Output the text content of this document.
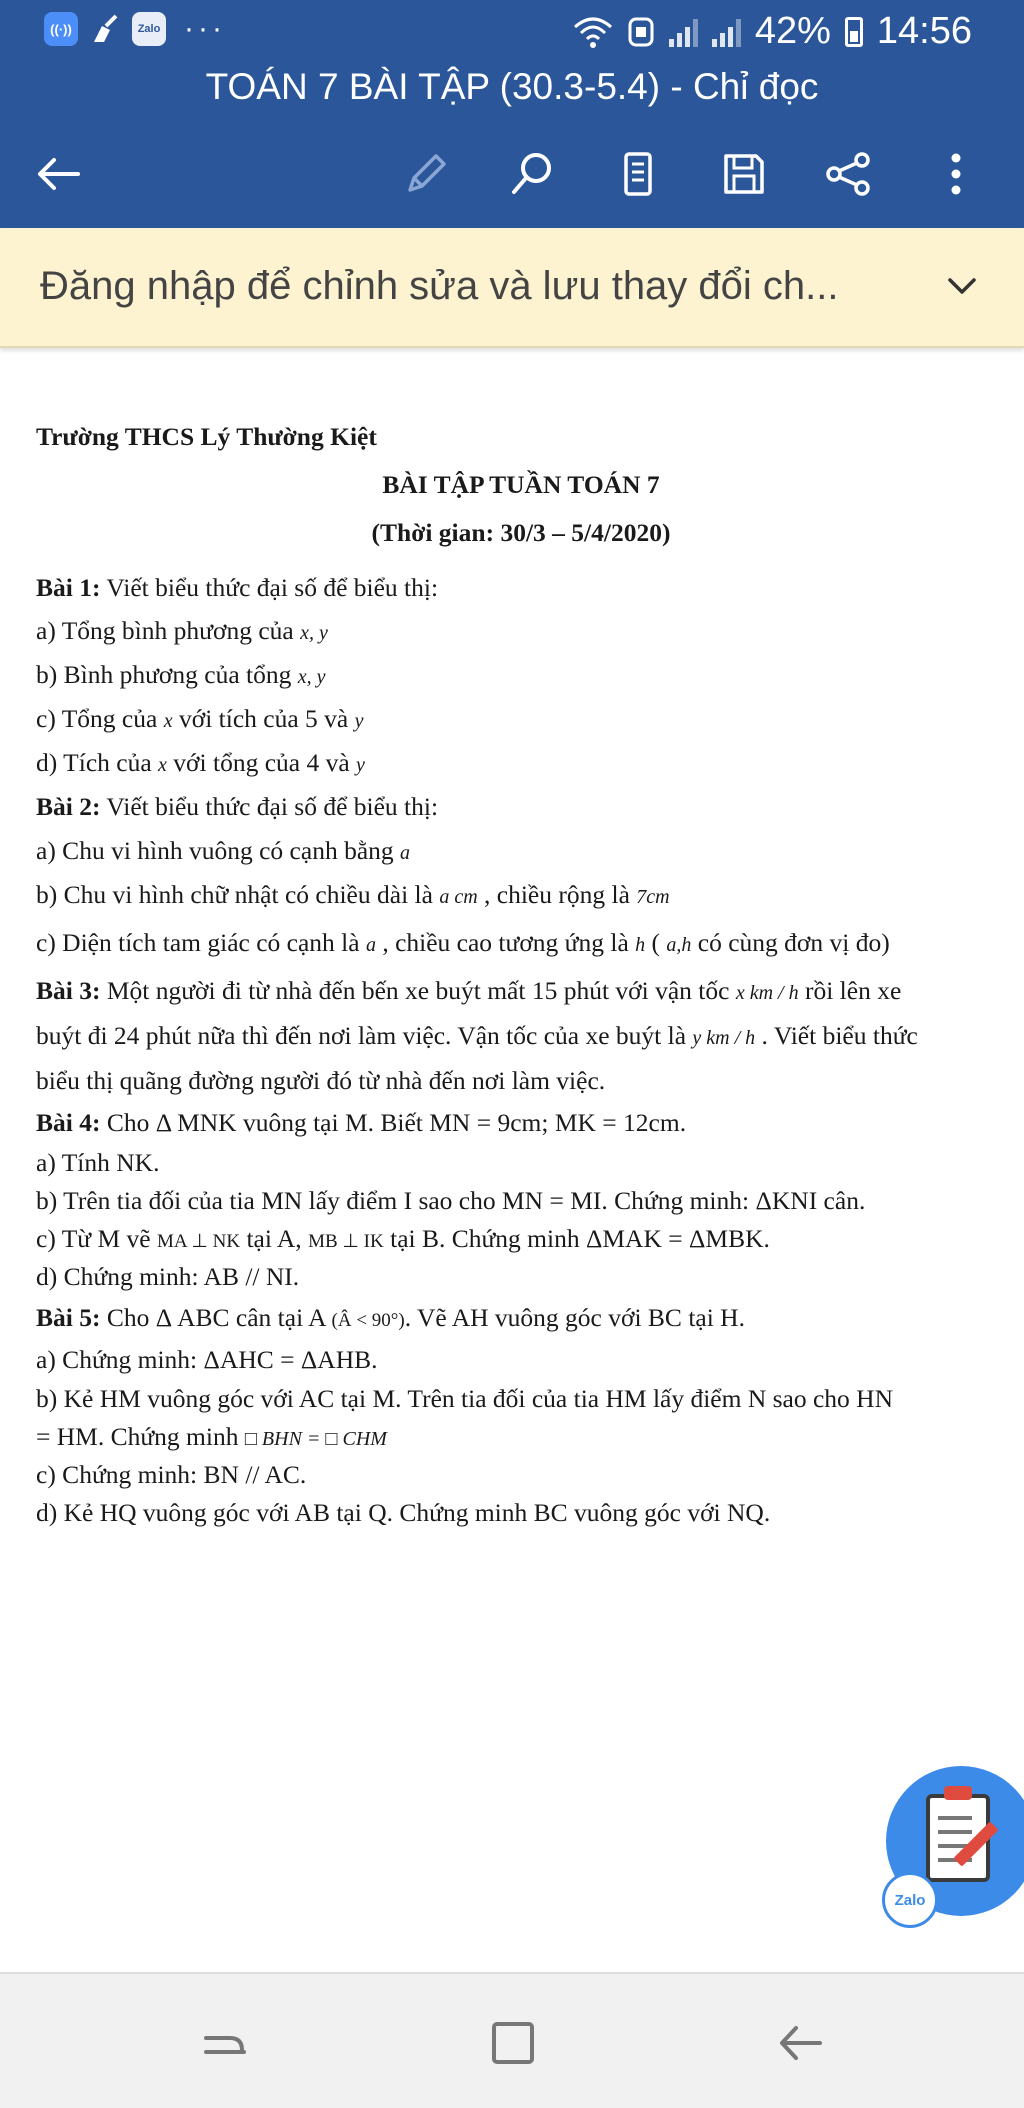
((·))	Zalo ···	42% 14:56
TOÁN 7 BÀI TẬP (30.3-5.4) - Chỉ đọc
Đăng nhập để chỉnh sửa và lưu thay đổi ch...
Trường THCS Lý Thường Kiệt
BÀI TẬP TUẦN TOÁN 7
(Thời gian: 30/3 – 5/4/2020)
Bài 1: Viết biểu thức đại số để biểu thị:
a) Tổng bình phương của x, y
b) Bình phương của tổng x, y
c) Tổng của x với tích của 5 và y
d) Tích của x với tổng của 4 và y
Bài 2: Viết biểu thức đại số để biểu thị:
a) Chu vi hình vuông có cạnh bằng a
b) Chu vi hình chữ nhật có chiều dài là a cm , chiều rộng là 7cm
c) Diện tích tam giác có cạnh là a , chiều cao tương ứng là h ( a,h có cùng đơn vị đo)
Bài 3: Một người đi từ nhà đến bến xe buýt mất 15 phút với vận tốc x km / h rồi lên xe
buýt đi 24 phút nữa thì đến nơi làm việc. Vận tốc của xe buýt là y km / h . Viết biểu thức
biểu thị quãng đường người đó từ nhà đến nơi làm việc.
Bài 4: Cho Δ MNK vuông tại M. Biết MN = 9cm; MK = 12cm.
a) Tính NK.
b) Trên tia đối của tia MN lấy điểm I sao cho MN = MI. Chứng minh: ΔKNI cân.
c) Từ M vẽ MA ⊥ NK tại A, MB ⊥ IK tại B. Chứng minh ΔMAK = ΔMBK.
d) Chứng minh: AB // NI.
Bài 5: Cho Δ ABC cân tại A (Â < 90°). Vẽ AH vuông góc với BC tại H.
a) Chứng minh: ΔAHC = ΔAHB.
b) Kẻ HM vuông góc với AC tại M. Trên tia đối của tia HM lấy điểm N sao cho HN
= HM. Chứng minh □ BHN = □ CHM
c) Chứng minh: BN // AC.
d) Kẻ HQ vuông góc với AB tại Q. Chứng minh BC vuông góc với NQ.
Zalo
